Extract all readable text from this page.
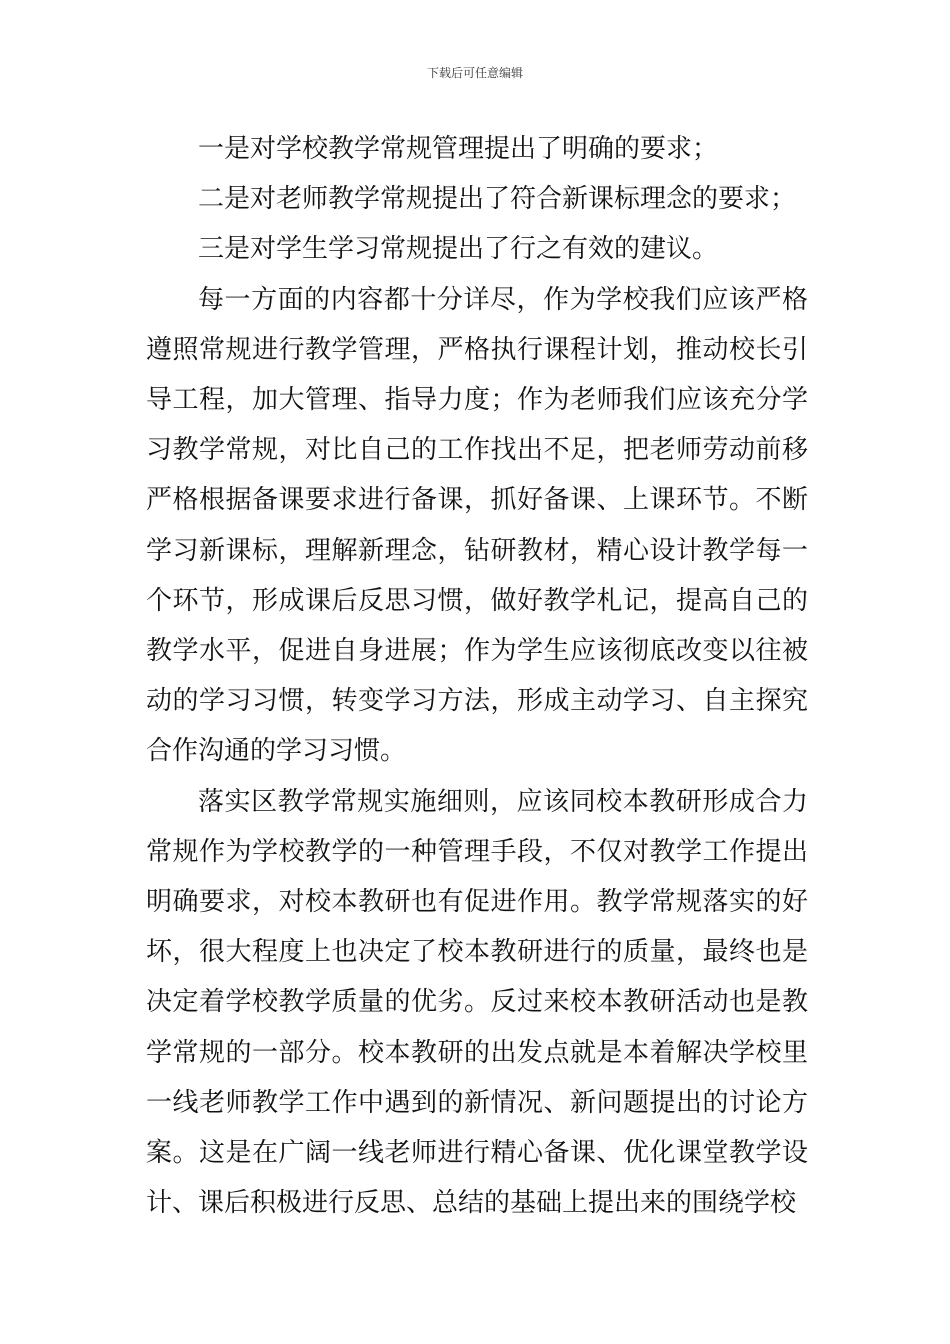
下载后可任意编辑

一是对学校教学常规管理提出了明确的要求；

二是对老师教学常规提出了符合新课标理念的要求；

三是对学生学习常规提出了行之有效的建议。

每一方面的内容都十分详尽，作为学校我们应该严格遵照常规进行教学管理，严格执行课程计划，推动校长引导工程，加大管理、指导力度；作为老师我们应该充分学习教学常规，对比自己的工作找出不足，把老师劳动前移严格根据备课要求进行备课，抓好备课、上课环节。不断学习新课标，理解新理念，钻研教材，精心设计教学每一个环节，形成课后反思习惯，做好教学札记，提高自己的教学水平，促进自身进展；作为学生应该彻底改变以往被动的学习习惯，转变学习方法，形成主动学习、自主探究合作沟通的学习习惯。

落实区教学常规实施细则，应该同校本教研形成合力常规作为学校教学的一种管理手段，不仅对教学工作提出明确要求，对校本教研也有促进作用。教学常规落实的好坏，很大程度上也决定了校本教研进行的质量，最终也是决定着学校教学质量的优劣。反过来校本教研活动也是教学常规的一部分。校本教研的出发点就是本着解决学校里一线老师教学工作中遇到的新情况、新问题提出的讨论方案。这是在广阔一线老师进行精心备课、优化课堂教学设计、课后积极进行反思、总结的基础上提出来的围绕学校
